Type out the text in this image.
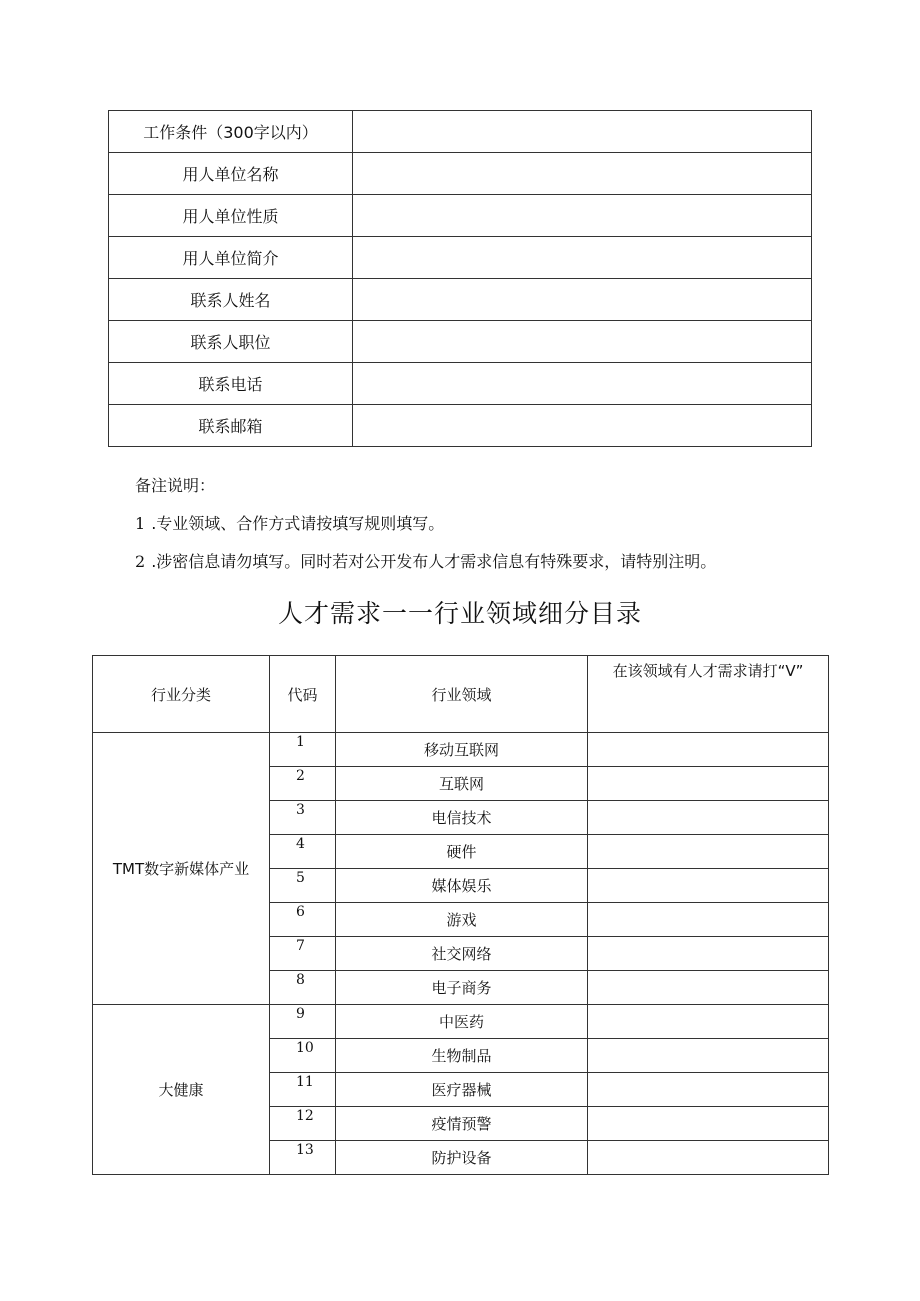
工作条件（300字以内）	
用人单位名称	
用人单位性质	
用人单位简介	
联系人姓名	
联系人职位	
联系电话	
联系邮箱	

备注说明：

1 .专业领域、合作方式请按填写规则填写。

2 .涉密信息请勿填写。同时若对公开发布人才需求信息有特殊要求，请特别注明。

人才需求一一行业领域细分目录
行业分类	代码	行业领域	在该领域有人才需求请打“V”
TMT数字新媒体产业	1	移动互联网	

	2	互联网	

	3	电信技术	

	4	硬件	

	5	媒体娱乐	

	6	游戏	

	7	社交网络	

	8	电子商务	
大健康	9	中医药	

	10	生物制品	

	11	医疗器械	

	12	疫情预警	

	13	防护设备	
